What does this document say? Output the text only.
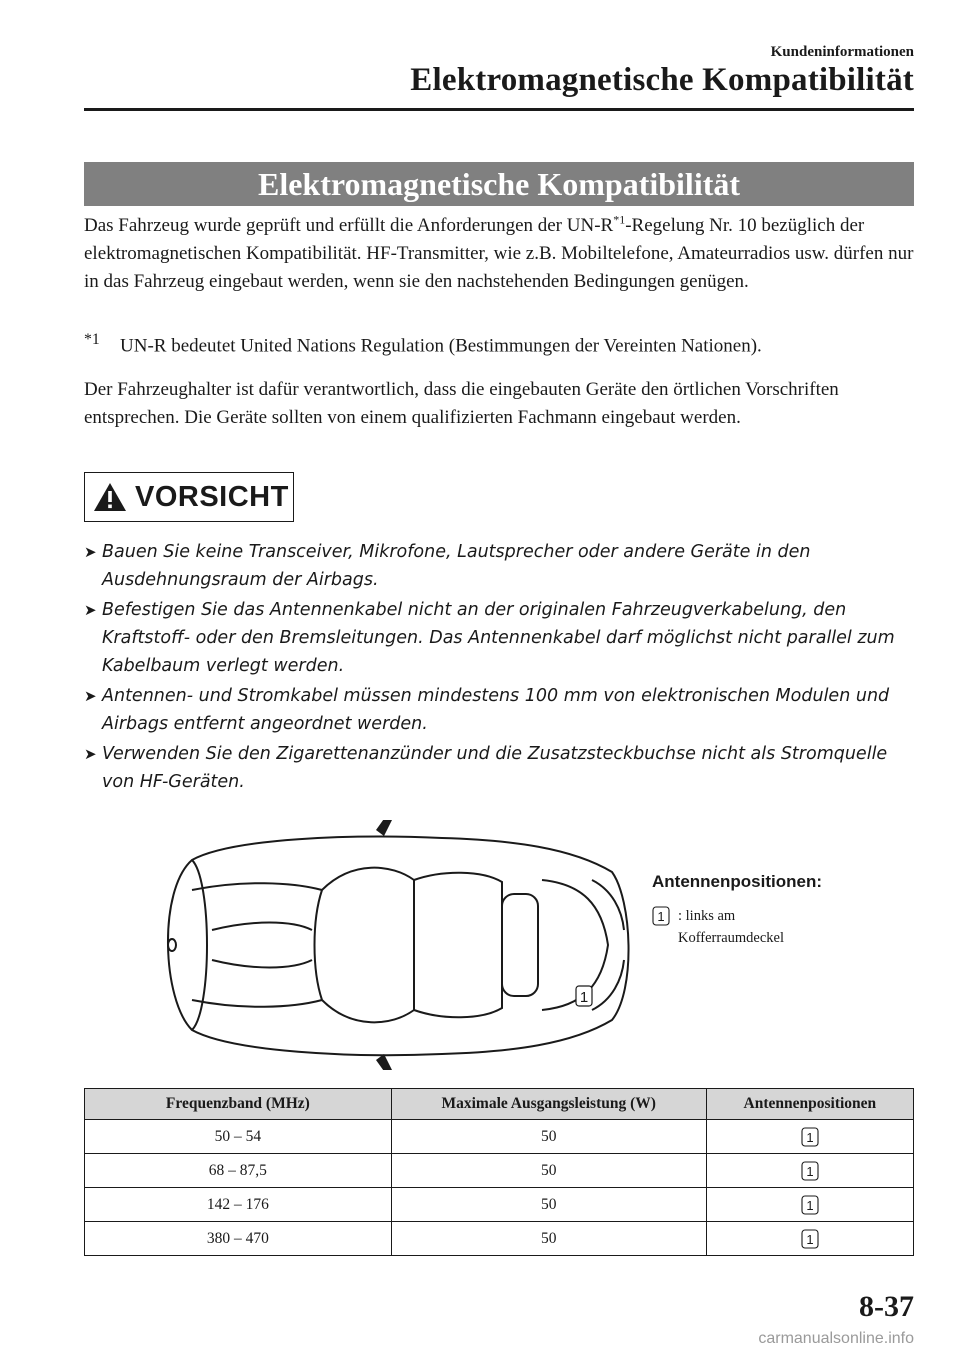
Kundeninformationen
Elektromagnetische Kompatibilität
Elektromagnetische Kompatibilität
Das Fahrzeug wurde geprüft und erfüllt die Anforderungen der $UN-R^{*1}$-Regelung Nr. 10 bezüglich der elektromagnetischen Kompatibilität. HF-Transmitter, wie z.B. Mobiltelefone, Amateurradios usw. dürfen nur in das Fahrzeug eingebaut werden, wenn sie den nachstehenden Bedingungen genügen.
$^{*1}$ UN-R bedeutet United Nations Regulation (Bestimmungen der Vereinten Nationen).
Der Fahrzeughalter ist dafür verantwortlich, dass die eingebauten Geräte den örtlichen Vorschriften entsprechen. Die Geräte sollten von einem qualifizierten Fachmann eingebaut werden.
VORSICHT
➤ Bauen Sie keine Transceiver, Mikrofone, Lautsprecher oder andere Geräte in den Ausdehnungsraum der Airbags.
➤ Befestigen Sie das Antennenkabel nicht an der originalen Fahrzeugverkabelung, den Kraftstoff- oder den Bremsleitungen. Das Antennenkabel darf möglichst nicht parallel zum Kabelbaum verlegt werden.
➤ Antennen- und Stromkabel müssen mindestens 100 mm von elektronischen Modulen und Airbags entfernt angeordnet werden.
➤ Verwenden Sie den Zigarettenanzünder und die Zusatzsteckbuchse nicht als Stromquelle von HF-Geräten.
1
Antennenpositionen:
1 : links am
Kofferraumdeckel
Frequenzband (MHz)	Maximale Ausgangsleistung (W)	Antennenpositionen
50 – 54	50	1

68 – 87,5	50	1

142 – 176	50	1

380 – 470	50	1
8-37
carmanualsonline.info
